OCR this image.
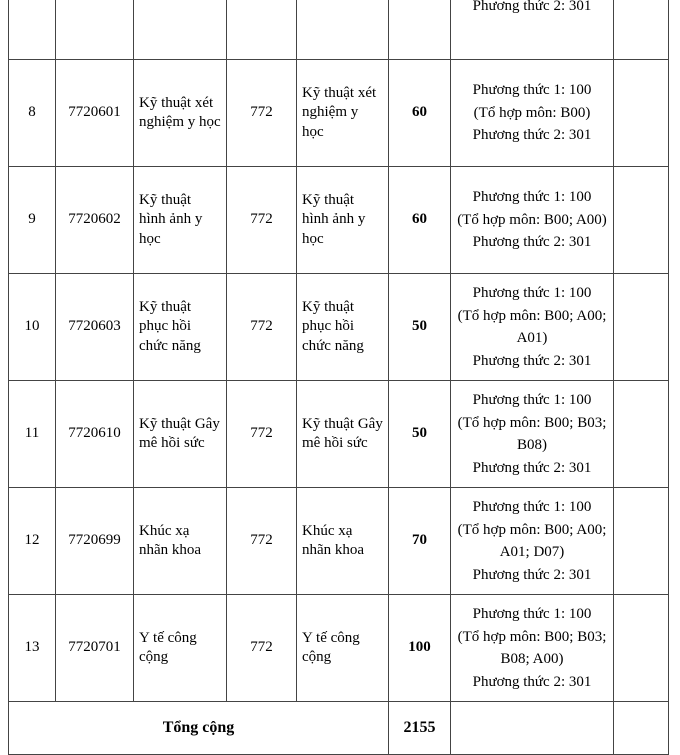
						Phương thức 2: 301	

8	7720601	Kỹ thuật xét nghiệm y học	772	Kỹ thuật xét nghiệm y học	60	Phương thức 1: 100
(Tổ hợp môn: B00)
Phương thức 2: 301	

9	7720602	Kỹ thuật hình ảnh y học	772	Kỹ thuật hình ảnh y học	60	Phương thức 1: 100
(Tổ hợp môn: B00; A00)
Phương thức 2: 301	

10	7720603	Kỹ thuật phục hồi chức năng	772	Kỹ thuật phục hồi chức năng	50	Phương thức 1: 100
(Tổ hợp môn: B00; A00; A01)
Phương thức 2: 301	

11	7720610	Kỹ thuật Gây mê hồi sức	772	Kỹ thuật Gây mê hồi sức	50	Phương thức 1: 100
(Tổ hợp môn: B00; B03; B08)
Phương thức 2: 301	

12	7720699	Khúc xạ nhãn khoa	772	Khúc xạ nhãn khoa	70	Phương thức 1: 100
(Tổ hợp môn: B00; A00; A01; D07)
Phương thức 2: 301	

13	7720701	Y tế công cộng	772	Y tế công cộng	100	Phương thức 1: 100
(Tổ hợp môn: B00; B03; B08; A00)
Phương thức 2: 301	

Tổng cộng					2155		
